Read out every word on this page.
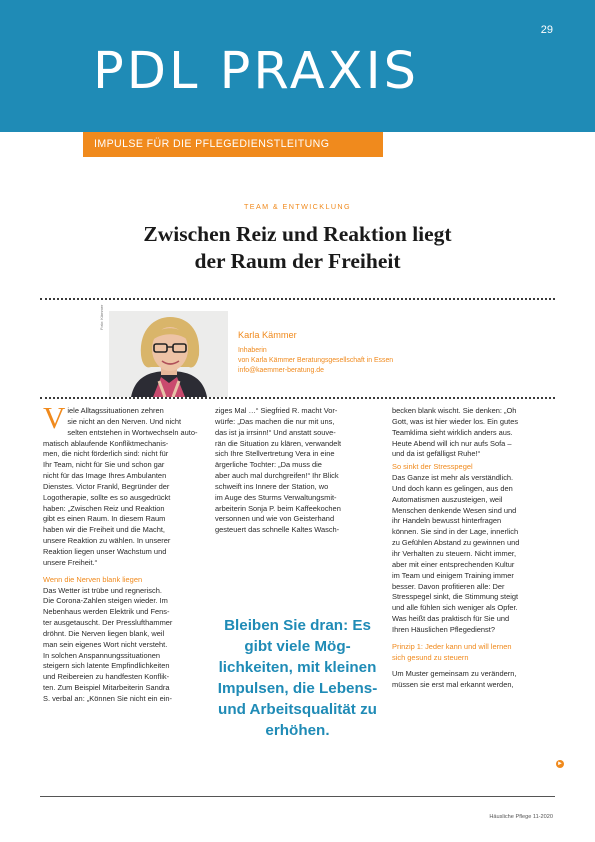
29
PDL PRAXIS
IMPULSE FÜR DIE PFLEGEDIENSTLEITUNG
TEAM & ENTWICKLUNG
Zwischen Reiz und Reaktion liegt
der Raum der Freiheit
Foto: Kämmer
Karla Kämmer
Inhaberin
von Karla Kämmer Beratungsgesellschaft in Essen
info@kaemmer-beratung.de
V iele Alltagssituationen zehren

sie nicht an den Nerven. Und nicht

selten entstehen in Wortwechseln auto-

matisch ablaufende Konfliktmechanis-

men, die nicht förderlich sind: nicht für

Ihr Team, nicht für Sie und schon gar

nicht für das Image Ihres Ambulanten

Dienstes. Victor Frankl, Begründer der

Logotherapie, sollte es so ausgedrückt

haben: „Zwischen Reiz und Reaktion

gibt es einen Raum. In diesem Raum

haben wir die Freiheit und die Macht,

unsere Reaktion zu wählen. In unserer

Reaktion liegen unser Wachstum und

unsere Freiheit.“

Wenn die Nerven blank liegen

Das Wetter ist trübe und regnerisch.

Die Corona-Zahlen steigen wieder. Im

Nebenhaus werden Elektrik und Fens-

ter ausgetauscht. Der Presslufthammer

dröhnt. Die Nerven liegen blank, weil

man sein eigenes Wort nicht versteht.

In solchen Anspannungssituationen

steigern sich latente Empfindlichkeiten

und Reibereien zu handfesten Konflik-

ten. Zum Beispiel Mitarbeiterin Sandra

S. verbal an: „Können Sie nicht ein ein-

ziges Mal …“ Siegfried R. macht Vor-

würfe: „Das machen die nur mit uns,

das ist ja irrsinn!“ Und anstatt souve-

rän die Situation zu klären, verwandelt

sich Ihre Stellvertretung Vera in eine

ärgerliche Tochter: „Da muss die

aber auch mal durchgreifen!“ Ihr Blick

schweift ins Innere der Station, wo

im Auge des Sturms Verwaltungsmit-

arbeiterin Sonja P. beim Kaffeekochen

versonnen und wie von Geisterhand

gesteuert das schnelle Kaltes Wasch-

Bleiben Sie dran: Es gibt viele Mög-lichkeiten, mit kleinen Impulsen, die Lebens- und Arbeitsqualität zu erhöhen.

becken blank wischt. Sie denken: „Oh

Gott, was ist hier wieder los. Ein gutes

Teamklima sieht wirklich anders aus.

Heute Abend will ich nur aufs Sofa –

und da ist gefälligst Ruhe!“

So sinkt der Stresspegel

Das Ganze ist mehr als verständlich.

Und doch kann es gelingen, aus den

Automatismen auszusteigen, weil

Menschen denkende Wesen sind und

ihr Handeln bewusst hinterfragen

können. Sie sind in der Lage, innerlich

zu Gefühlen Abstand zu gewinnen und

ihr Verhalten zu steuern. Nicht immer,

aber mit einer entsprechenden Kultur

im Team und einigem Training immer

besser. Davon profitieren alle: Der

Stresspegel sinkt, die Stimmung steigt

und alle fühlen sich weniger als Opfer.

Was heißt das praktisch für Sie und

Ihren Häuslichen Pflegedienst?

Prinzip 1: Jeder kann und will lernen

sich gesund zu steuern

Um Muster gemeinsam zu verändern,

müssen sie erst mal erkannt werden,

►
Häusliche Pflege 11-2020
